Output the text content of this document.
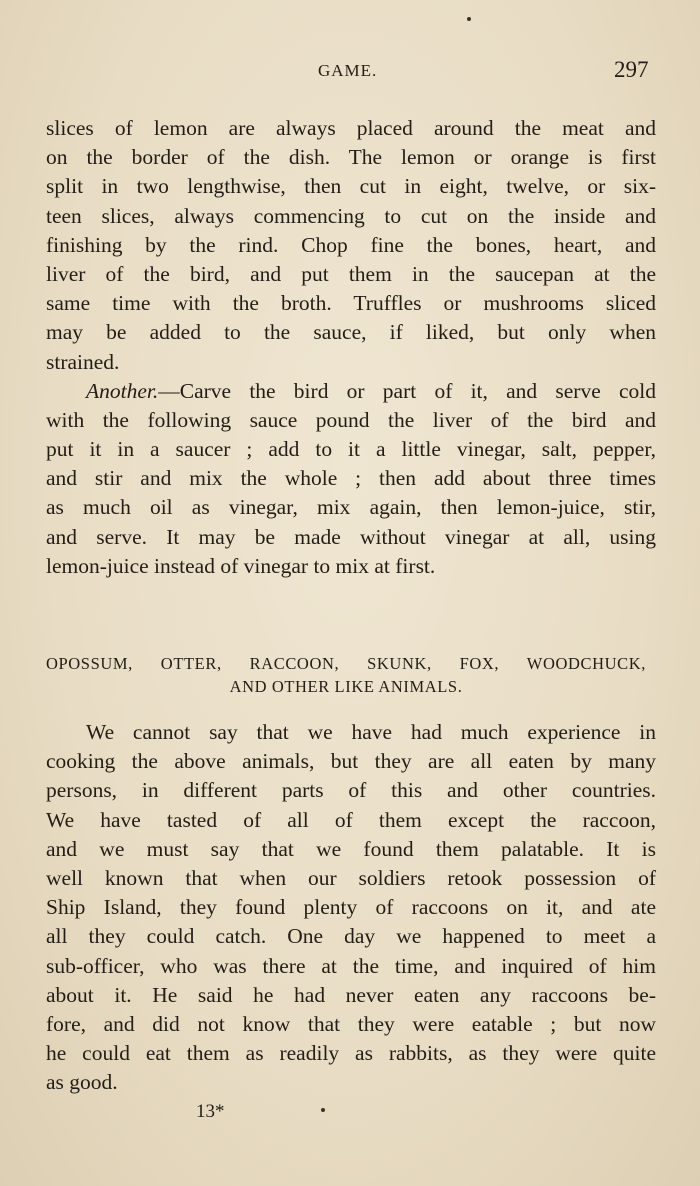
GAME.	297
slices of lemon are always placed around the meat and
on the border of the dish. The lemon or orange is first
split in two lengthwise, then cut in eight, twelve, or six-
teen slices, always commencing to cut on the inside and
finishing by the rind. Chop fine the bones, heart, and
liver of the bird, and put them in the saucepan at the
same time with the broth. Truffles or mushrooms sliced
may be added to the sauce, if liked, but only when
strained.
Another.—Carve the bird or part of it, and serve cold
with the following sauce pound the liver of the bird and
put it in a saucer ; add to it a little vinegar, salt, pepper,
and stir and mix the whole ; then add about three times
as much oil as vinegar, mix again, then lemon-juice, stir,
and serve. It may be made without vinegar at all, using
lemon-juice instead of vinegar to mix at first.
OPOSSUM, OTTER, RACCOON, SKUNK, FOX, WOODCHUCK,
AND OTHER LIKE ANIMALS.
We cannot say that we have had much experience in
cooking the above animals, but they are all eaten by many
persons, in different parts of this and other countries.
We have tasted of all of them except the raccoon,
and we must say that we found them palatable. It is
well known that when our soldiers retook possession of
Ship Island, they found plenty of raccoons on it, and ate
all they could catch. One day we happened to meet a
sub-officer, who was there at the time, and inquired of him
about it. He said he had never eaten any raccoons be-
fore, and did not know that they were eatable ; but now
he could eat them as readily as rabbits, as they were quite
as good.
13*
